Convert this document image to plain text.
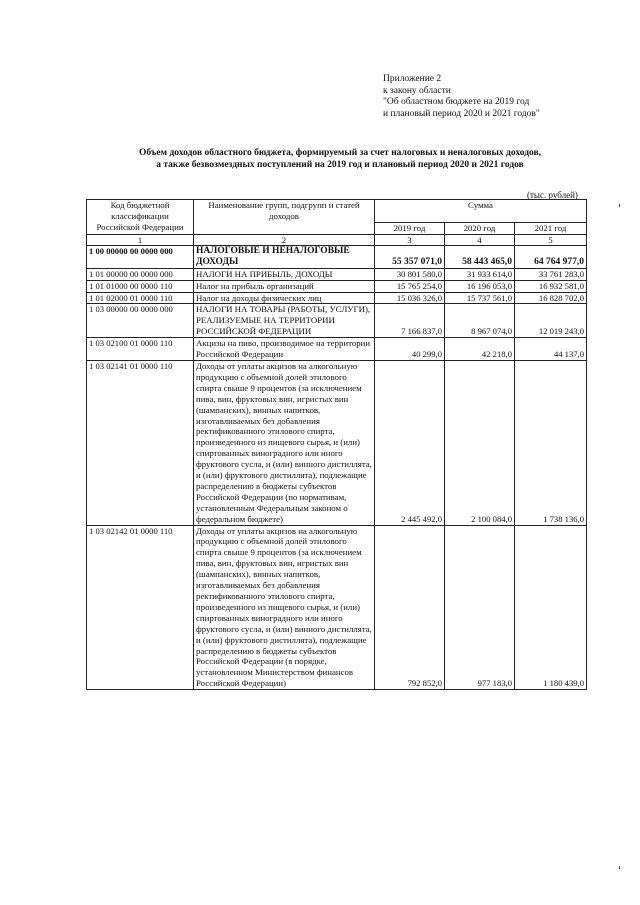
Приложение 2
к закону области
"Об областном бюджете на 2019 год
и плановый период 2020 и 2021 годов"
Объем доходов областного бюджета, формируемый за счет налоговых и неналоговых доходов,
а также безвозмездных поступлений на 2019 год и плановый период 2020 и 2021 годов
(тыс. рублей)
Код бюджетной классификации Российской Федерации	Наименование групп, подгрупп и статей доходов	Сумма		
		2019 год	2020 год	2021 год
1	2	3	4	5
1 00 00000 00 0000 000	НАЛОГОВЫЕ И НЕНАЛОГОВЫЕ ДОХОДЫ	55 357 071,0	58 443 465,0	64 764 977,0
1 01 00000 00 0000 000	НАЛОГИ НА ПРИБЫЛЬ, ДОХОДЫ	30 801 580,0	31 933 614,0	33 761 283,0
1 01 01000 00 0000 110	Налог на прибыль организаций	15 765 254,0	16 196 053,0	16 932 581,0
1 01 02000 01 0000 110	Налог на доходы физических лиц	15 036 326,0	15 737 561,0	16 828 702,0
1 03 00000 00 0000 000	НАЛОГИ НА ТОВАРЫ (РАБОТЫ, УСЛУГИ), РЕАЛИЗУЕМЫЕ НА ТЕРРИТОРИИ РОССИЙСКОЙ ФЕДЕРАЦИИ	7 166 837,0	8 967 074,0	12 019 243,0
1 03 02100 01 0000 110	Акцизы на пиво, производимое на территории Российской Федерации	40 299,0	42 218,0	44 137,0
1 03 02141 01 0000 110	Доходы от уплаты акцизов на алкогольную продукцию с объемной долей этилового спирта свыше 9 процентов (за исключением пива, вин, фруктовых вин, игристых вин (шампанских), винных напитков, изготавливаемых без добавления ректификованного этилового спирта, произведенного из пищевого сырья, и (или) спиртованных виноградного или иного фруктового сусла, и (или) винного дистиллята, и (или) фруктового дистиллята), подлежащие распределению в бюджеты субъектов Российской Федерации (по нормативам, установленным Федеральным законом о федеральном бюджете)	2 445 492,0	2 100 084,0	1 738 136,0
1 03 02142 01 0000 110	Доходы от уплаты акцизов на алкогольную продукцию с объемной долей этилового спирта свыше 9 процентов (за исключением пива, вин, фруктовых вин, игристых вин (шампанских), винных напитков, изготавливаемых без добавления ректификованного этилового спирта, произведенного из пищевого сырья, и (или) спиртованных виноградного или иного фруктового сусла, и (или) винного дистиллята, и (или) фруктового дистиллята), подлежащие распределению в бюджеты субъектов Российской Федерации (в порядке, установленном Министерством финансов Российской Федерации)	792 852,0	977 183,0	1 180 439,0
